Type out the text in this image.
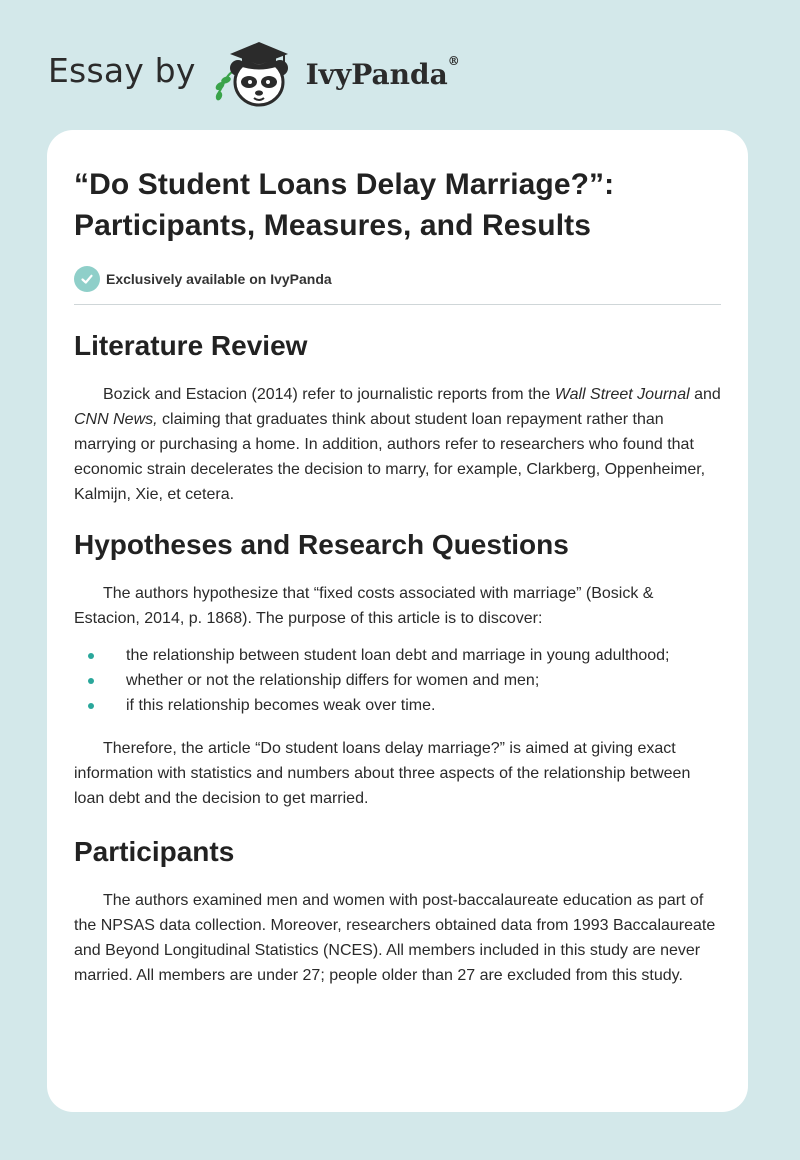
Essay by	IvyPanda®
“Do Student Loans Delay Marriage?”: Participants, Measures, and Results
Exclusively available on IvyPanda
Literature Review

Bozick and Estacion (2014) refer to journalistic reports from the Wall Street Journal and CNN News, claiming that graduates think about student loan repayment rather than marrying or purchasing a home. In addition, authors refer to researchers who found that economic strain decelerates the decision to marry, for example, Clarkberg, Oppenheimer, Kalmijn, Xie, et cetera.

Hypotheses and Research Questions

The authors hypothesize that “fixed costs associated with marriage” (Bosick & Estacion, 2014, p. 1868). The purpose of this article is to discover:

the relationship between student loan debt and marriage in young adulthood;
whether or not the relationship differs for women and men;
if this relationship becomes weak over time.

Therefore, the article “Do student loans delay marriage?” is aimed at giving exact information with statistics and numbers about three aspects of the relationship between loan debt and the decision to get married.

Participants

The authors examined men and women with post-baccalaureate education as part of the NPSAS data collection. Moreover, researchers obtained data from 1993 Baccalaureate and Beyond Longitudinal Statistics (NCES). All members included in this study are never married. All members are under 27; people older than 27 are excluded from this study.
